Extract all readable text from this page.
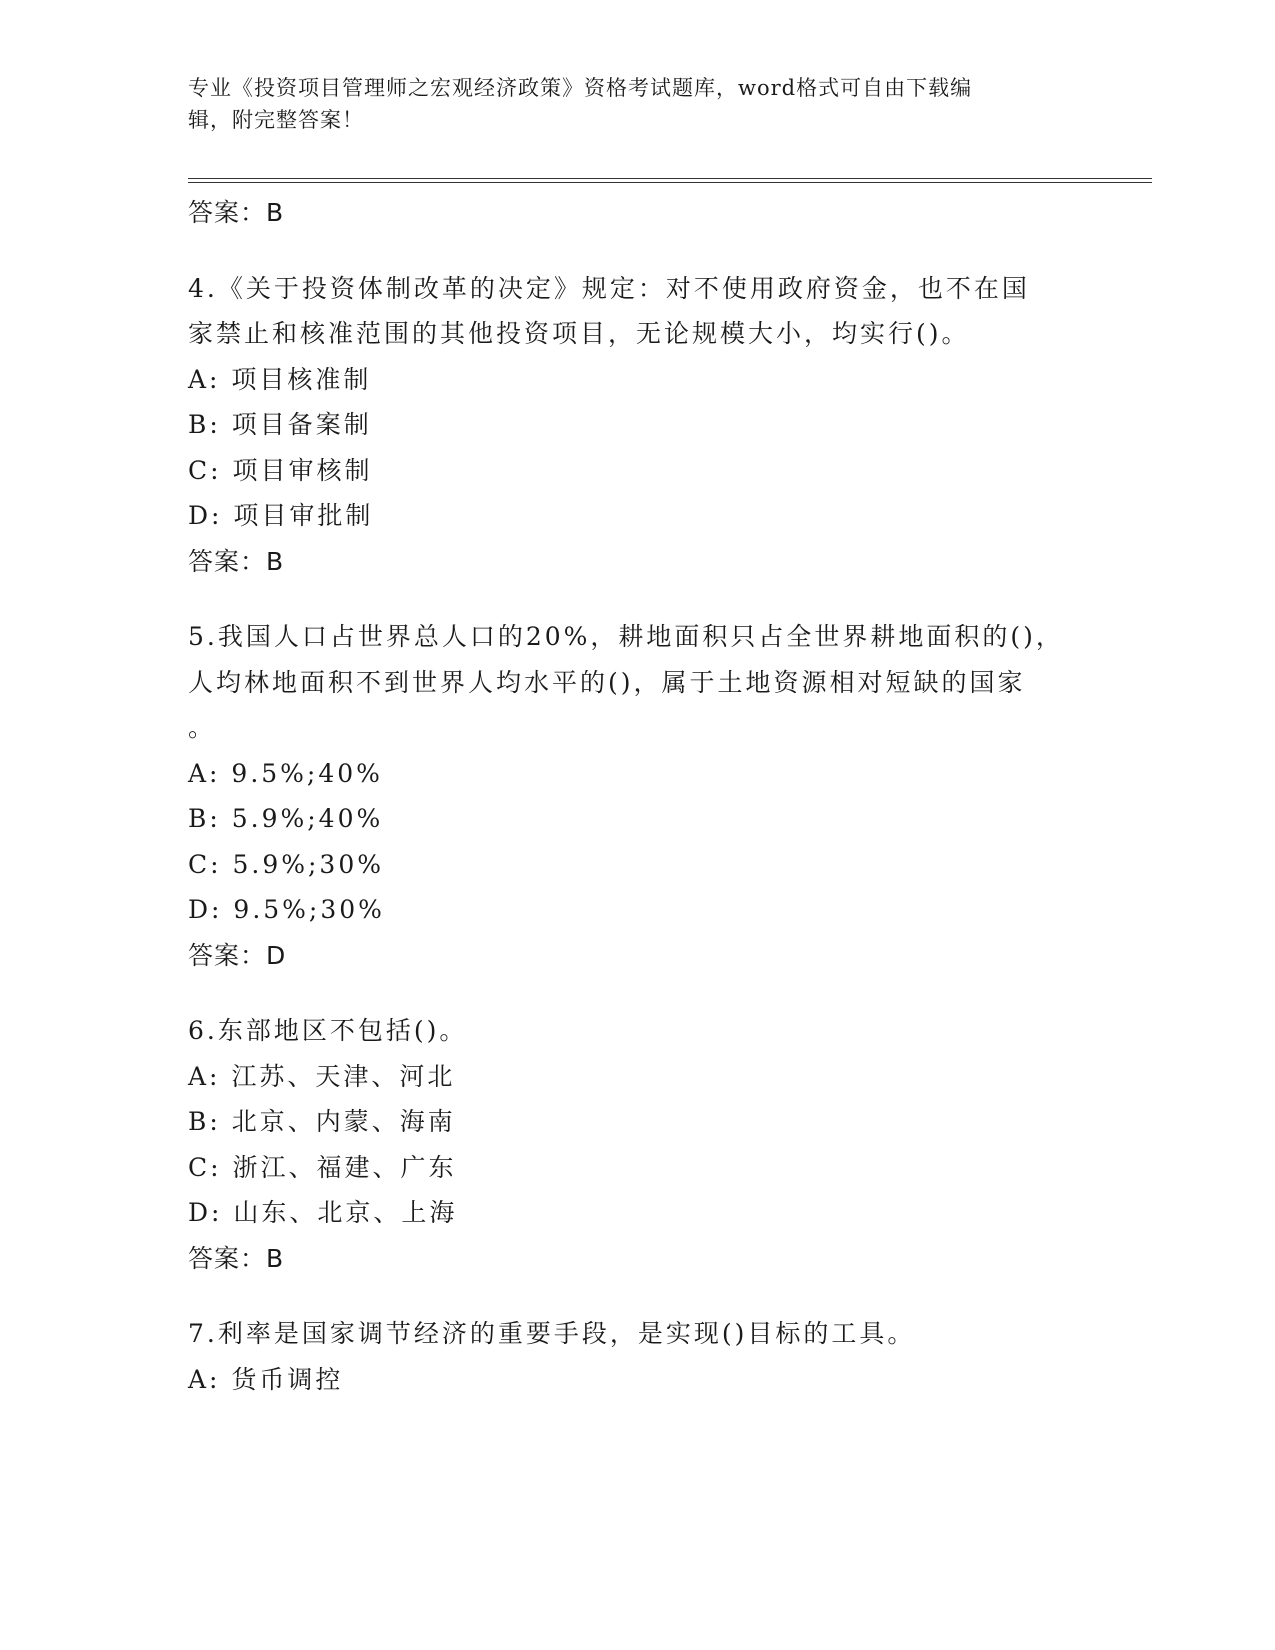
专业《投资项目管理师之宏观经济政策》资格考试题库，word格式可自由下载编
辑，附完整答案！
答案：B
4.《关于投资体制改革的决定》规定：对不使用政府资金，也不在国
家禁止和核准范围的其他投资项目，无论规模大小，均实行()。
A: 项目核准制
B: 项目备案制
C: 项目审核制
D: 项目审批制
答案：B
5.我国人口占世界总人口的20%，耕地面积只占全世界耕地面积的()，
人均林地面积不到世界人均水平的()，属于土地资源相对短缺的国家
。
A: 9.5%;40%
B: 5.9%;40%
C: 5.9%;30%
D: 9.5%;30%
答案：D
6.东部地区不包括()。
A: 江苏、天津、河北
B: 北京、内蒙、海南
C: 浙江、福建、广东
D: 山东、北京、上海
答案：B
7.利率是国家调节经济的重要手段，是实现()目标的工具。
A: 货币调控
